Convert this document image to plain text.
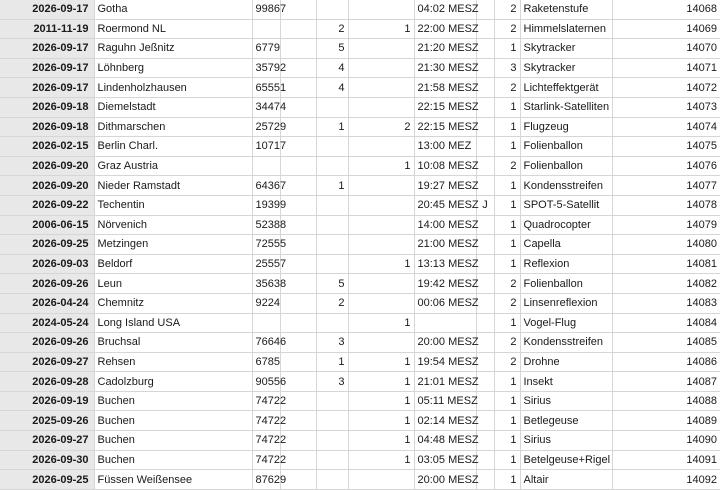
2026-09-17	Gotha	99867				04:02 MESZ		2	Raketenstufe	14068
2011-11-19	Roermond NL			2	1	22:00 MESZ		2	Himmelslaternen	14069
2026-09-17	Raguhn Jeßnitz	6779		5		21:20 MESZ		1	Skytracker	14070
2026-09-17	Löhnberg	35792		4		21:30 MESZ		3	Skytracker	14071
2026-09-17	Lindenholzhausen	65551		4		21:58 MESZ		2	Lichteffektgerät	14072
2026-09-18	Diemelstadt	34474				22:15 MESZ		1	Starlink-Satelliten	14073
2026-09-18	Dithmarschen	25729		1	2	22:15 MESZ		1	Flugzeug	14074
2026-02-15	Berlin Charl.	10717				13:00 MEZ		1	Folienballon	14075
2026-09-20	Graz Austria				1	10:08 MESZ		2	Folienballon	14076
2026-09-20	Nieder Ramstadt	64367		1		19:27 MESZ		1	Kondensstreifen	14077
2026-09-22	Techentin	19399				20:45 MESZ	J	1	SPOT-5-Satellit	14078
2006-06-15	Nörvenich	52388				14:00 MESZ		1	Quadrocopter	14079
2026-09-25	Metzingen	72555				21:00 MESZ		1	Capella	14080
2026-09-03	Beldorf	25557			1	13:13 MESZ		1	Reflexion	14081
2026-09-26	Leun	35638		5		19:42 MESZ		2	Folienballon	14082
2026-04-24	Chemnitz	9224		2		00:06 MESZ		2	Linsenreflexion	14083
2024-05-24	Long Island USA				1			1	Vogel-Flug	14084
2026-09-26	Bruchsal	76646		3		20:00 MESZ		2	Kondensstreifen	14085
2026-09-27	Rehsen	6785		1	1	19:54 MESZ		2	Drohne	14086
2026-09-28	Cadolzburg	90556		3	1	21:01 MESZ		1	Insekt	14087
2026-09-19	Buchen	74722			1	05:11 MESZ		1	Sirius	14088
2025-09-26	Buchen	74722			1	02:14 MESZ		1	Betlegeuse	14089
2026-09-27	Buchen	74722			1	04:48 MESZ		1	Sirius	14090
2026-09-30	Buchen	74722			1	03:05 MESZ		1	Betelgeuse+Rigel	14091
2026-09-25	Füssen Weißensee	87629				20:00 MESZ		1	Altair	14092
